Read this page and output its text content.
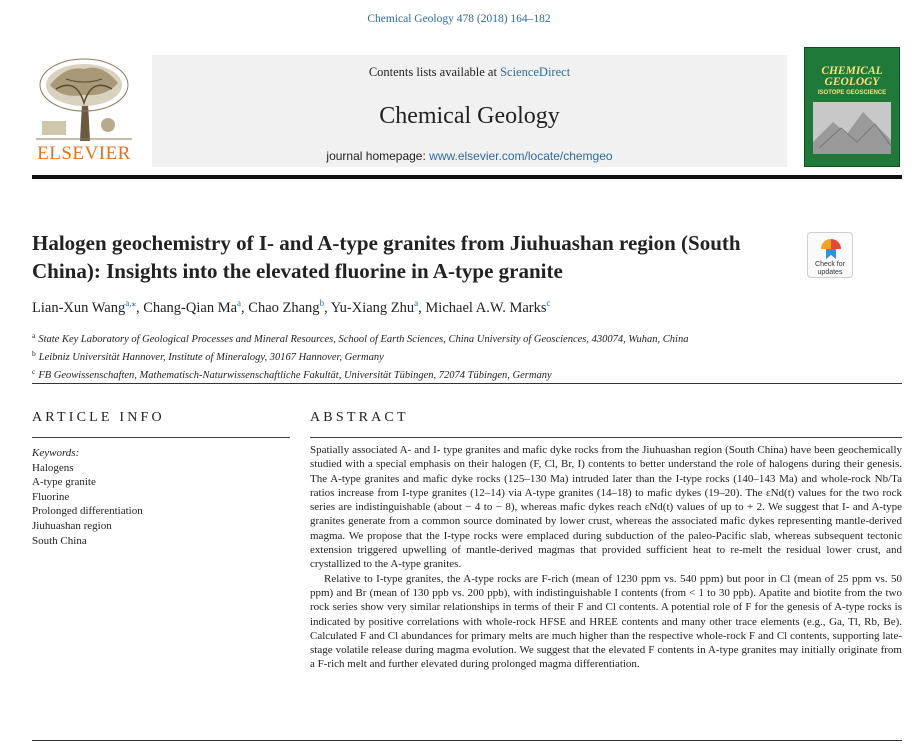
Chemical Geology 478 (2018) 164–182
ELSEVIER
Contents lists available at ScienceDirect
Chemical Geology
journal homepage: www.elsevier.com/locate/chemgeo
CHEMICAL
GEOLOGY
ISOTOPE GEOSCIENCE
Halogen geochemistry of I- and A-type granites from Jiuhuashan region (South China): Insights into the elevated fluorine in A-type granite	Check for
updates
Lian-Xun Wang$^{a,⁎}$, Chang-Qian Ma$^a$, Chao Zhang$^b$, Yu-Xiang Zhu$^a$, Michael A.W. Marks$^c$
$^a$ State Key Laboratory of Geological Processes and Mineral Resources, School of Earth Sciences, China University of Geosciences, 430074, Wuhan, China
$^b$ Leibniz Universität Hannover, Institute of Mineralogy, 30167 Hannover, Germany
$^c$ FB Geowissenschaften, Mathematisch-Naturwissenschaftliche Fakultät, Universität Tübingen, 72074 Tübingen, Germany
ARTICLE INFO	ABSTRACT
Keywords:
Halogens
A-type granite
Fluorine
Prolonged differentiation
Jiuhuashan region
South China

Spatially associated A- and I- type granites and mafic dyke rocks from the Jiuhuashan region (South China) have been geochemically studied with a special emphasis on their halogen (F, Cl, Br, I) contents to better understand the role of halogens during their genesis. The A-type granites and mafic dyke rocks (125–130 Ma) intruded later than the I-type rocks (140–143 Ma) and whole-rock Nb/Ta ratios increase from I-type granites (12–14) via A-type granites (14–18) to mafic dykes (19–20). The εNd(t) values for the two rock series are indistinguishable (about − 4 to − 8), whereas mafic dykes reach εNd(t) values of up to + 2. We suggest that I- and A-type granites generate from a common source dominated by lower crust, whereas the associated mafic dykes representing mantle-derived magma. We propose that the I-type rocks were emplaced during subduction of the paleo-Pacific slab, whereas subsequent tectonic extension triggered upwelling of mantle-derived magmas that provided sufficient heat to re-melt the residual lower crust, and crystallized to the A-type granites.

Relative to I-type granites, the A-type rocks are F-rich (mean of 1230 ppm vs. 540 ppm) but poor in Cl (mean of 25 ppm vs. 50 ppm) and Br (mean of 130 ppb vs. 200 ppb), with indistinguishable I contents (from < 1 to 30 ppb). Apatite and biotite from the two rock series show very similar relationships in terms of their F and Cl contents. A potential role of F for the genesis of A-type rocks is indicated by positive correlations with whole-rock HFSE and HREE contents and many other trace elements (e.g., Ga, Tl, Rb, Be). Calculated F and Cl abundances for primary melts are much higher than the respective whole-rock F and Cl contents, supporting late-stage volatile release during magma evolution. We suggest that the elevated F contents in A-type granites may initially originate from a F-rich melt and further elevated during prolonged magma differentiation.
